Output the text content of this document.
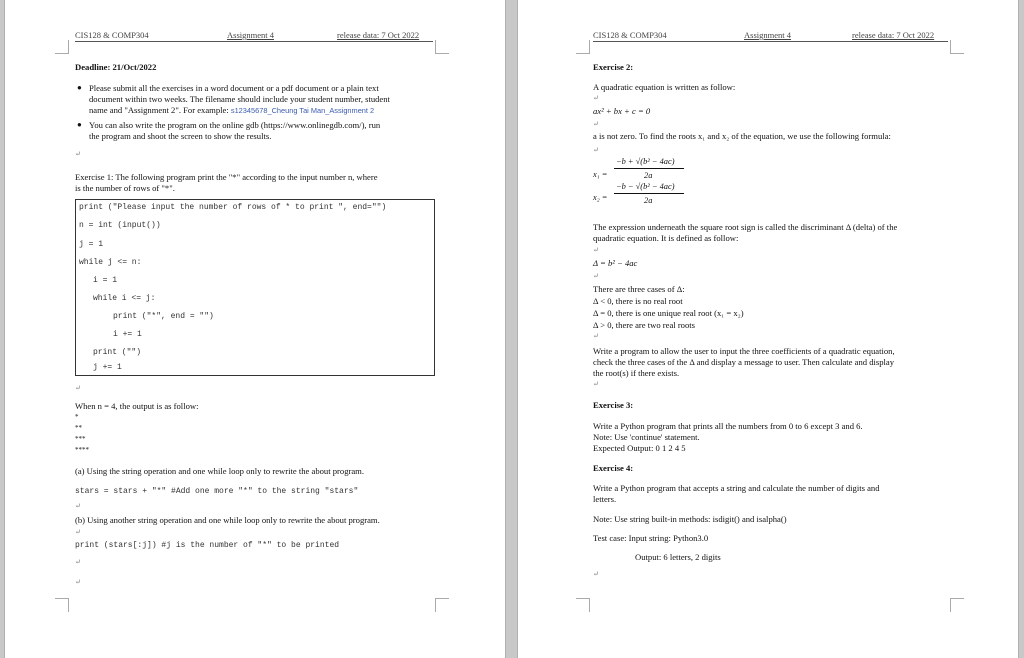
CIS128 & COMP304	Assignment 4	release data: 7 Oct 2022
Deadline: 21/Oct/2022
● Please submit all the exercises in a word document or a pdf document or a plain text
document within two weeks. The filename should include your student number, student
name and "Assignment 2". For example: s12345678_Cheung Tai Man_Assignment 2
● You can also write the program on the online gdb (https://www.onlinegdb.com/), run
the program and shoot the screen to show the results.
↵
Exercise 1: The following program print the "*" according to the input number n, where
is the number of rows of "*".
print ("Please input the number of rows of * to print ", end="")
n = int (input())
j = 1
while j <= n:
i = 1
while i <= j:
print ("*", end = "")
i += 1
print ("")
j += 1
↵
When n = 4, the output is as follow:
*
**
***
****
(a) Using the string operation and one while loop only to rewrite the about program.
stars = stars + "*" #Add one more "*" to the string "stars"
↵
(b) Using another string operation and one while loop only to rewrite the about program.
↵
print (stars[:j]) #j is the number of "*" to be printed
↵
↵
CIS128 & COMP304	Assignment 4	release data: 7 Oct 2022
Exercise 2:
A quadratic equation is written as follow:
↵
ax² + bx + c = 0
↵
a is not zero. To find the roots x₁ and x₂ of the equation, we use the following formula:
↵
x₁ =
−b + √(b² − 4ac)
2a
x₂ =
−b − √(b² − 4ac)
2a
The expression underneath the square root sign is called the discriminant Δ (delta) of the
quadratic equation. It is defined as follow:
↵
Δ = b² − 4ac
↵
There are three cases of Δ:
Δ < 0, there is no real root
Δ = 0, there is one unique real root (x₁ = x₂)
Δ > 0, there are two real roots
↵
Write a program to allow the user to input the three coefficients of a quadratic equation,
check the three cases of the Δ and display a message to user. Then calculate and display
the root(s) if there exists.
↵
Exercise 3:
Write a Python program that prints all the numbers from 0 to 6 except 3 and 6.
Note: Use 'continue' statement.
Expected Output: 0 1 2 4 5
Exercise 4:
Write a Python program that accepts a string and calculate the number of digits and
letters.
Note: Use string built-in methods: isdigit() and isalpha()
Test case: Input string: Python3.0
Output: 6 letters, 2 digits
↵
